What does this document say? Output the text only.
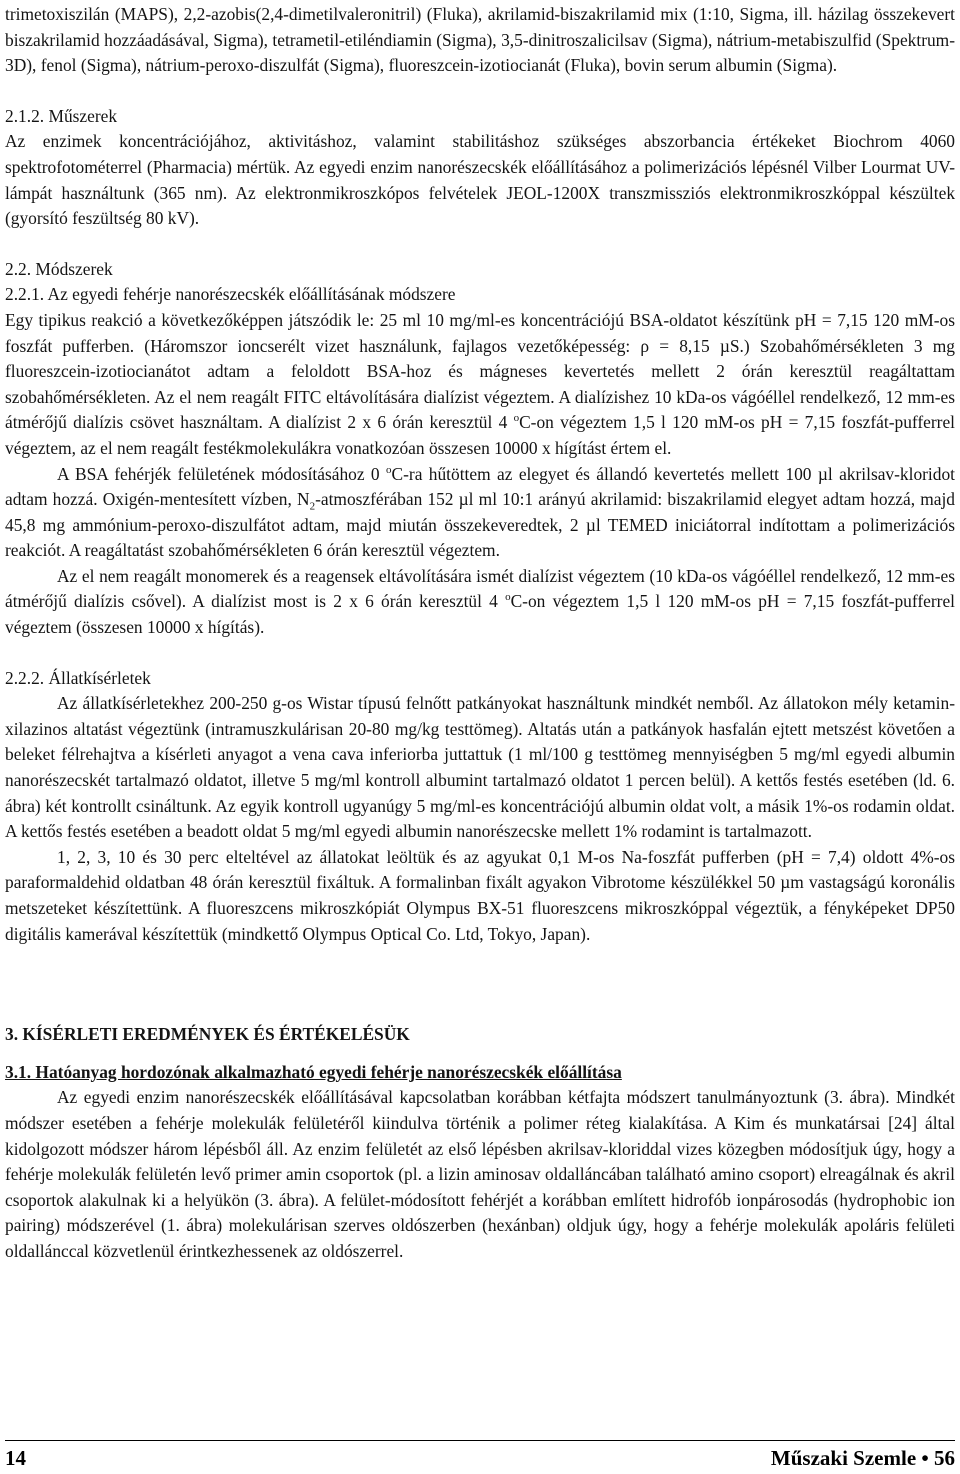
trimetoxiszilán (MAPS), 2,2-azobis(2,4-dimetilvaleronitril) (Fluka), akrilamid-biszakrilamid mix (1:10, Sigma, ill. házilag összekevert biszakrilamid hozzáadásával, Sigma), tetrametil-etiléndiamin (Sigma), 3,5-dinitroszalicilsav (Sigma), nátrium-metabiszulfid (Spektrum-3D), fenol (Sigma), nátrium-peroxo-diszulfát (Sigma), fluoreszcein-izotiocianát (Fluka), bovin serum albumin (Sigma).

2.1.2. Műszerek

Az enzimek koncentrációjához, aktivitáshoz, valamint stabilitáshoz szükséges abszorbancia értékeket Biochrom 4060 spektrofotométerrel (Pharmacia) mértük. Az egyedi enzim nanorészecskék előállításához a polimerizációs lépésnél Vilber Lourmat UV-lámpát használtunk (365 nm). Az elektronmikroszkópos felvételek JEOL-1200X transzmissziós elektronmikroszkóppal készültek (gyorsító feszültség 80 kV).

2.2. Módszerek

2.2.1. Az egyedi fehérje nanorészecskék előállításának módszere

Egy tipikus reakció a következőképpen játszódik le: 25 ml 10 mg/ml-es koncentrációjú BSA-oldatot készítünk pH = 7,15 120 mM-os foszfát pufferben. (Háromszor ioncserélt vizet használunk, fajlagos vezetőképesség: ρ = 8,15 µS.) Szobahőmérsékleten 3 mg fluoreszcein-izotiocianátot adtam a feloldott BSA-hoz és mágneses kevertetés mellett 2 órán keresztül reagáltattam szobahőmérsékleten. Az el nem reagált FITC eltávolítására dialízist végeztem. A dialízishez 10 kDa-os vágóéllel rendelkező, 12 mm-es átmérőjű dialízis csövet használtam. A dialízist 2 x 6 órán keresztül 4 $^o$C-on végeztem 1,5 l 120 mM-os pH = 7,15 foszfát-pufferrel végeztem, az el nem reagált festékmolekulákra vonatkozóan összesen 10000 x hígítást értem el.

A BSA fehérjék felületének módosításához 0 $^o$C-ra hűtöttem az elegyet és állandó kevertetés mellett 100 µl akrilsav-kloridot adtam hozzá. Oxigén-mentesített vízben, $N_2$-atmoszférában 152 µl ml 10:1 arányú akrilamid: biszakrilamid elegyet adtam hozzá, majd 45,8 mg ammónium-peroxo-diszulfátot adtam, majd miután összekeveredtek, 2 µl TEMED iniciátorral indítottam a polimerizációs reakciót. A reagáltatást szobahőmérsékleten 6 órán keresztül végeztem.

Az el nem reagált monomerek és a reagensek eltávolítására ismét dialízist végeztem (10 kDa-os vágóéllel rendelkező, 12 mm-es átmérőjű dialízis csővel). A dialízist most is 2 x 6 órán keresztül 4 $^o$C-on végeztem 1,5 l 120 mM-os pH = 7,15 foszfát-pufferrel végeztem (összesen 10000 x hígítás).

2.2.2. Állatkísérletek

Az állatkísérletekhez 200-250 g-os Wistar típusú felnőtt patkányokat használtunk mindkét nemből. Az állatokon mély ketamin-xilazinos altatást végeztünk (intramuszkulárisan 20-80 mg/kg testtömeg). Altatás után a patkányok hasfalán ejtett metszést követően a beleket félrehajtva a kísérleti anyagot a vena cava inferiorba juttattuk (1 ml/100 g testtömeg mennyiségben 5 mg/ml egyedi albumin nanorészecskét tartalmazó oldatot, illetve 5 mg/ml kontroll albumint tartalmazó oldatot 1 percen belül). A kettős festés esetében (ld. 6. ábra) két kontrollt csináltunk. Az egyik kontroll ugyanúgy 5 mg/ml-es koncentrációjú albumin oldat volt, a másik 1%-os rodamin oldat. A kettős festés esetében a beadott oldat 5 mg/ml egyedi albumin nanorészecske mellett 1% rodamint is tartalmazott.

1, 2, 3, 10 és 30 perc elteltével az állatokat leöltük és az agyukat 0,1 M-os Na-foszfát pufferben (pH = 7,4) oldott 4%-os paraformaldehid oldatban 48 órán keresztül fixáltuk. A formalinban fixált agyakon Vibrotome készülékkel 50 µm vastagságú koronális metszeteket készítettünk. A fluoreszcens mikroszkópiát Olympus BX-51 fluoreszcens mikroszkóppal végeztük, a fényképeket DP50 digitális kamerával készítettük (mindkettő Olympus Optical Co. Ltd, Tokyo, Japan).

3. KÍSÉRLETI EREDMÉNYEK ÉS ÉRTÉKELÉSÜK

3.1. Hatóanyag hordozónak alkalmazható egyedi fehérje nanorészecskék előállítása

Az egyedi enzim nanorészecskék előállításával kapcsolatban korábban kétfajta módszert tanulmányoztunk (3. ábra). Mindkét módszer esetében a fehérje molekulák felületéről kiindulva történik a polimer réteg kialakítása. A Kim és munkatársai [24] által kidolgozott módszer három lépésből áll. Az enzim felületét az első lépésben akrilsav-kloriddal vizes közegben módosítjuk úgy, hogy a fehérje molekulák felületén levő primer amin csoportok (pl. a lizin aminosav oldalláncában található amino csoport) elreagálnak és akril csoportok alakulnak ki a helyükön (3. ábra). A felület-módosított fehérjét a korábban említett hidrofób ionpárosodás (hydrophobic ion pairing) módszerével (1. ábra) molekulárisan szerves oldószerben (hexánban) oldjuk úgy, hogy a fehérje molekulák apoláris felületi oldallánccal közvetlenül érintkezhessenek az oldószerrel.

14	Műszaki Szemle • 56
